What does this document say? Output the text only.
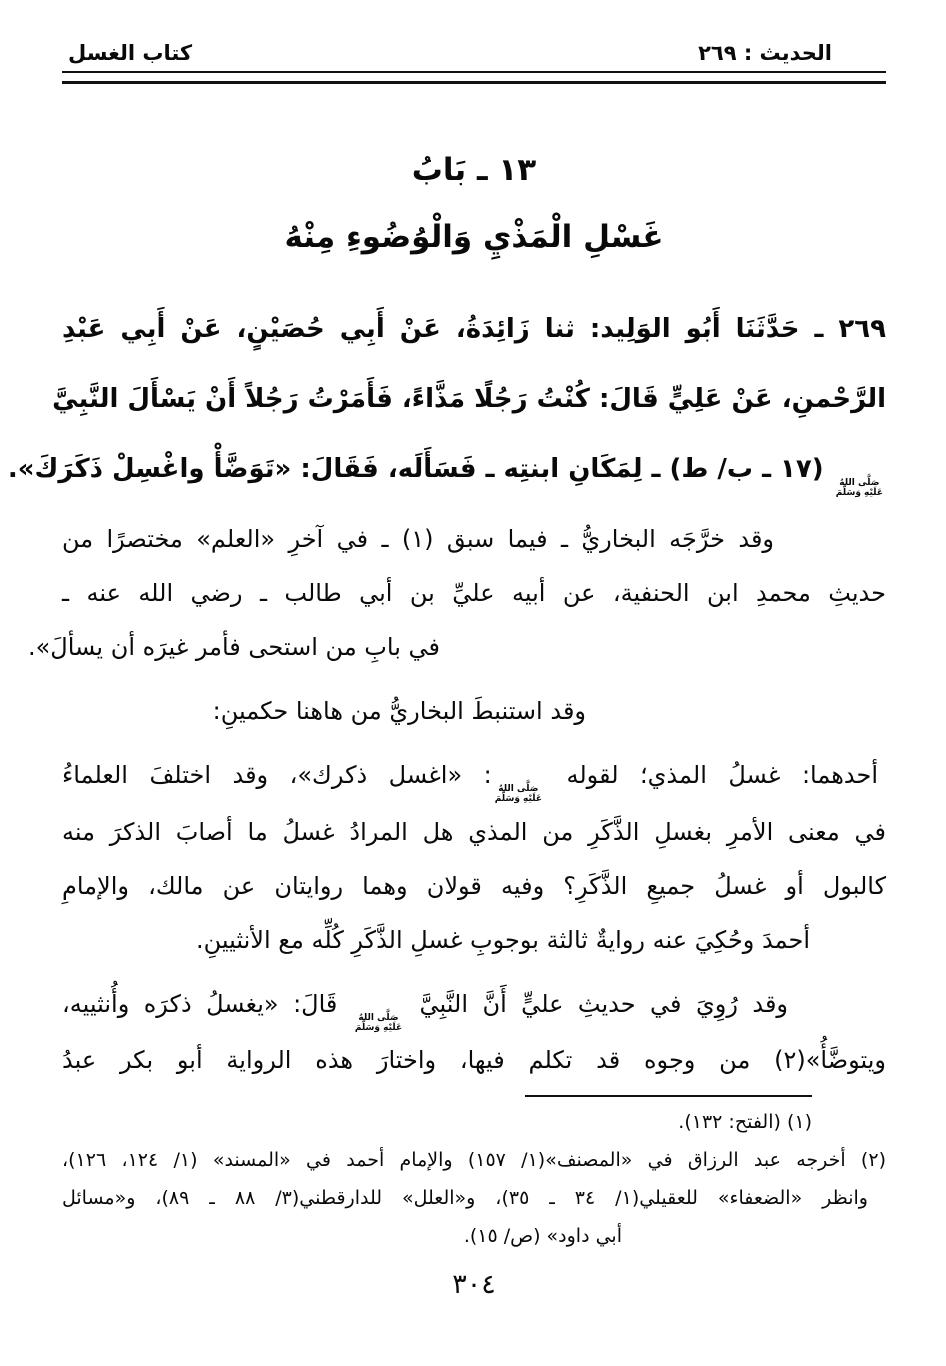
الحديث : ٢٦٩
كتاب الغسل
١٣ ـ بَابُ
غَسْلِ الْمَذْيِ وَالْوُضُوءِ مِنْهُ
٢٦٩ ـ حَدَّثَنَا أَبُو الوَلِيد: ثنا زَائِدَةُ، عَنْ أَبِي حُصَيْنٍ، عَنْ أَبِي عَبْدِ
الرَّحْمنِ، عَنْ عَلِيٍّ قَالَ: كُنْتُ رَجُلًا مَذَّاءً، فَأَمَرْتُ رَجُلاً أَنْ يَسْأَلَ النَّبِيَّ
صَلَّى اللهُ
عَلَيْهِ وَسَلَّمَ
(١٧ ـ ب/ ط) ـ لِمَكَانِ ابنتِه ـ فَسَأَلَه، فَقَالَ: «تَوَضَّأْ واغْسِلْ ذَكَرَكَ».
وقد خرَّجَه البخاريُّ ـ فيما سبق (١) ـ في آخرِ «العلم» مختصرًا من
حديثِ محمدِ ابن الحنفية، عن أبيه عليِّ بن أبي طالب ـ رضي الله عنه ـ
في بابِ من استحى فأمر غيرَه أن يسألَ».
وقد استنبطَ البخاريُّ من هاهنا حكمينِ:
أحدهما: غسلُ المذي؛ لقوله
صَلَّى اللهُ
عَلَيْهِ وَسَلَّمَ
: «اغسل ذكرك»، وقد اختلفَ العلماءُ
في معنى الأمرِ بغسلِ الذَّكَرِ من المذي هل المرادُ غسلُ ما أصابَ الذكرَ منه
كالبول أو غسلُ جميعِ الذَّكَرِ؟ وفيه قولان وهما روايتان عن مالك، والإمامِ
أحمدَ وحُكِيَ عنه روايةٌ ثالثة بوجوبِ غسلِ الذَّكَرِ كُلِّه مع الأنثيينِ.
وقد رُوِيَ في حديثِ عليٍّ أَنَّ النَّبِيَّ
صَلَّى اللهُ
عَلَيْهِ وَسَلَّمَ
قَالَ: «يغسلُ ذكرَه وأُنثييه،
ويتوضَّأُ»(٢) من وجوه قد تكلم فيها، واختارَ هذه الرواية أبو بكر عبدُ
(١) (الفتح: ١٣٢).
(٢) أخرجه عبد الرزاق في «المصنف»(١/ ١٥٧) والإمام أحمد في «المسند» (١/ ١٢٤، ١٢٦)،
وانظر «الضعفاء» للعقيلي(١/ ٣٤ ـ ٣٥)، و«العلل» للدارقطني(٣/ ٨٨ ـ ٨٩)، و«مسائل
أبي داود» (ص/ ١٥).
٣٠٤
